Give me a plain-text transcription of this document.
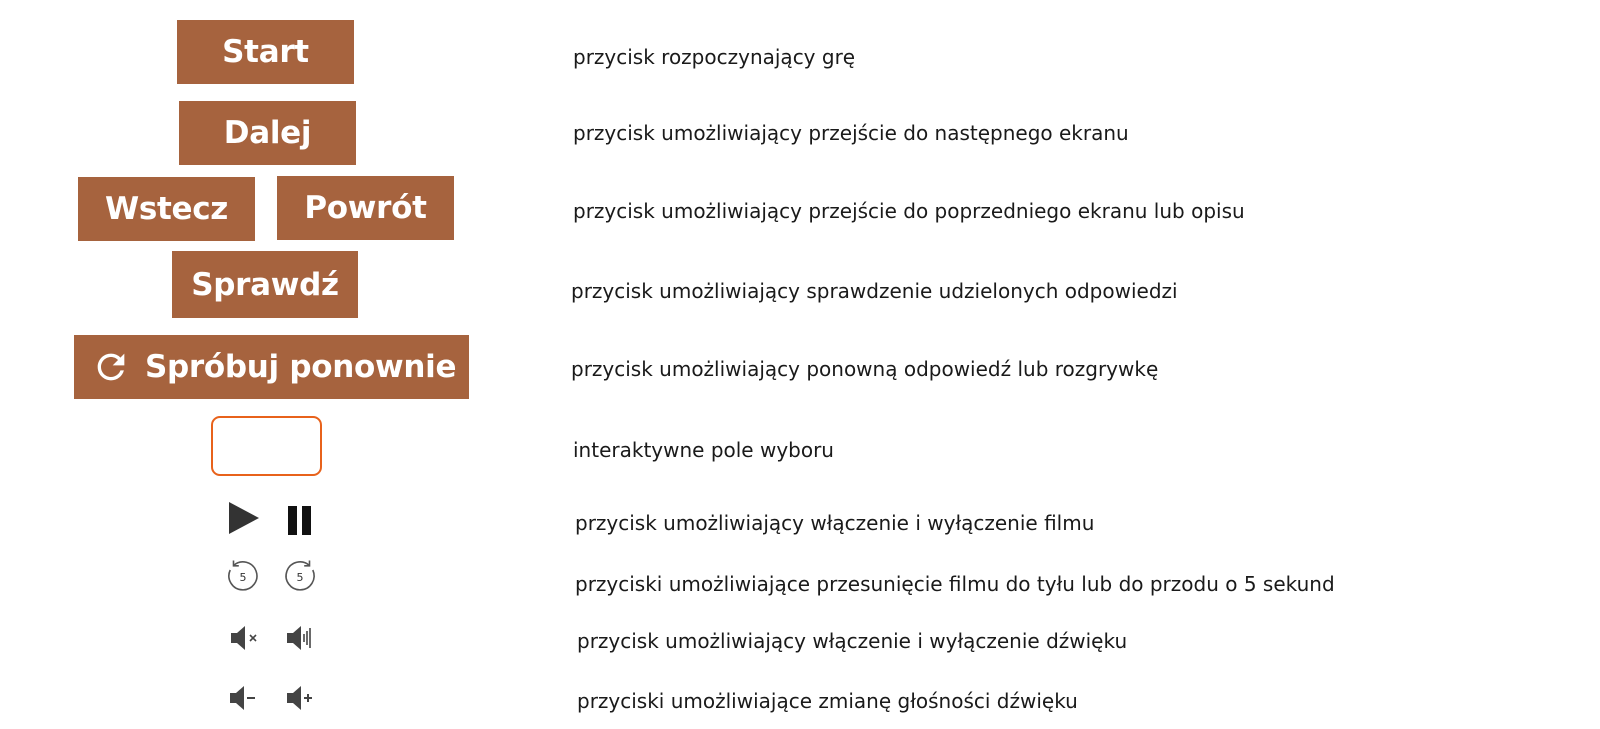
Start	przycisk rozpoczynający grę
Dalej	przycisk umożliwiający przejście do następnego ekranu
Wstecz Powrót	przycisk umożliwiający przejście do poprzedniego ekranu lub opisu
Sprawdź	przycisk umożliwiający sprawdzenie udzielonych odpowiedzi
Spróbuj ponownie	przycisk umożliwiający ponowną odpowiedź lub rozgrywkę
interaktywne pole wyboru
przycisk umożliwiający włączenie i wyłączenie filmu
5	5	przyciski umożliwiające przesunięcie filmu do tyłu lub do przodu o 5 sekund
przycisk umożliwiający włączenie i wyłączenie dźwięku
przyciski umożliwiające zmianę głośności dźwięku
